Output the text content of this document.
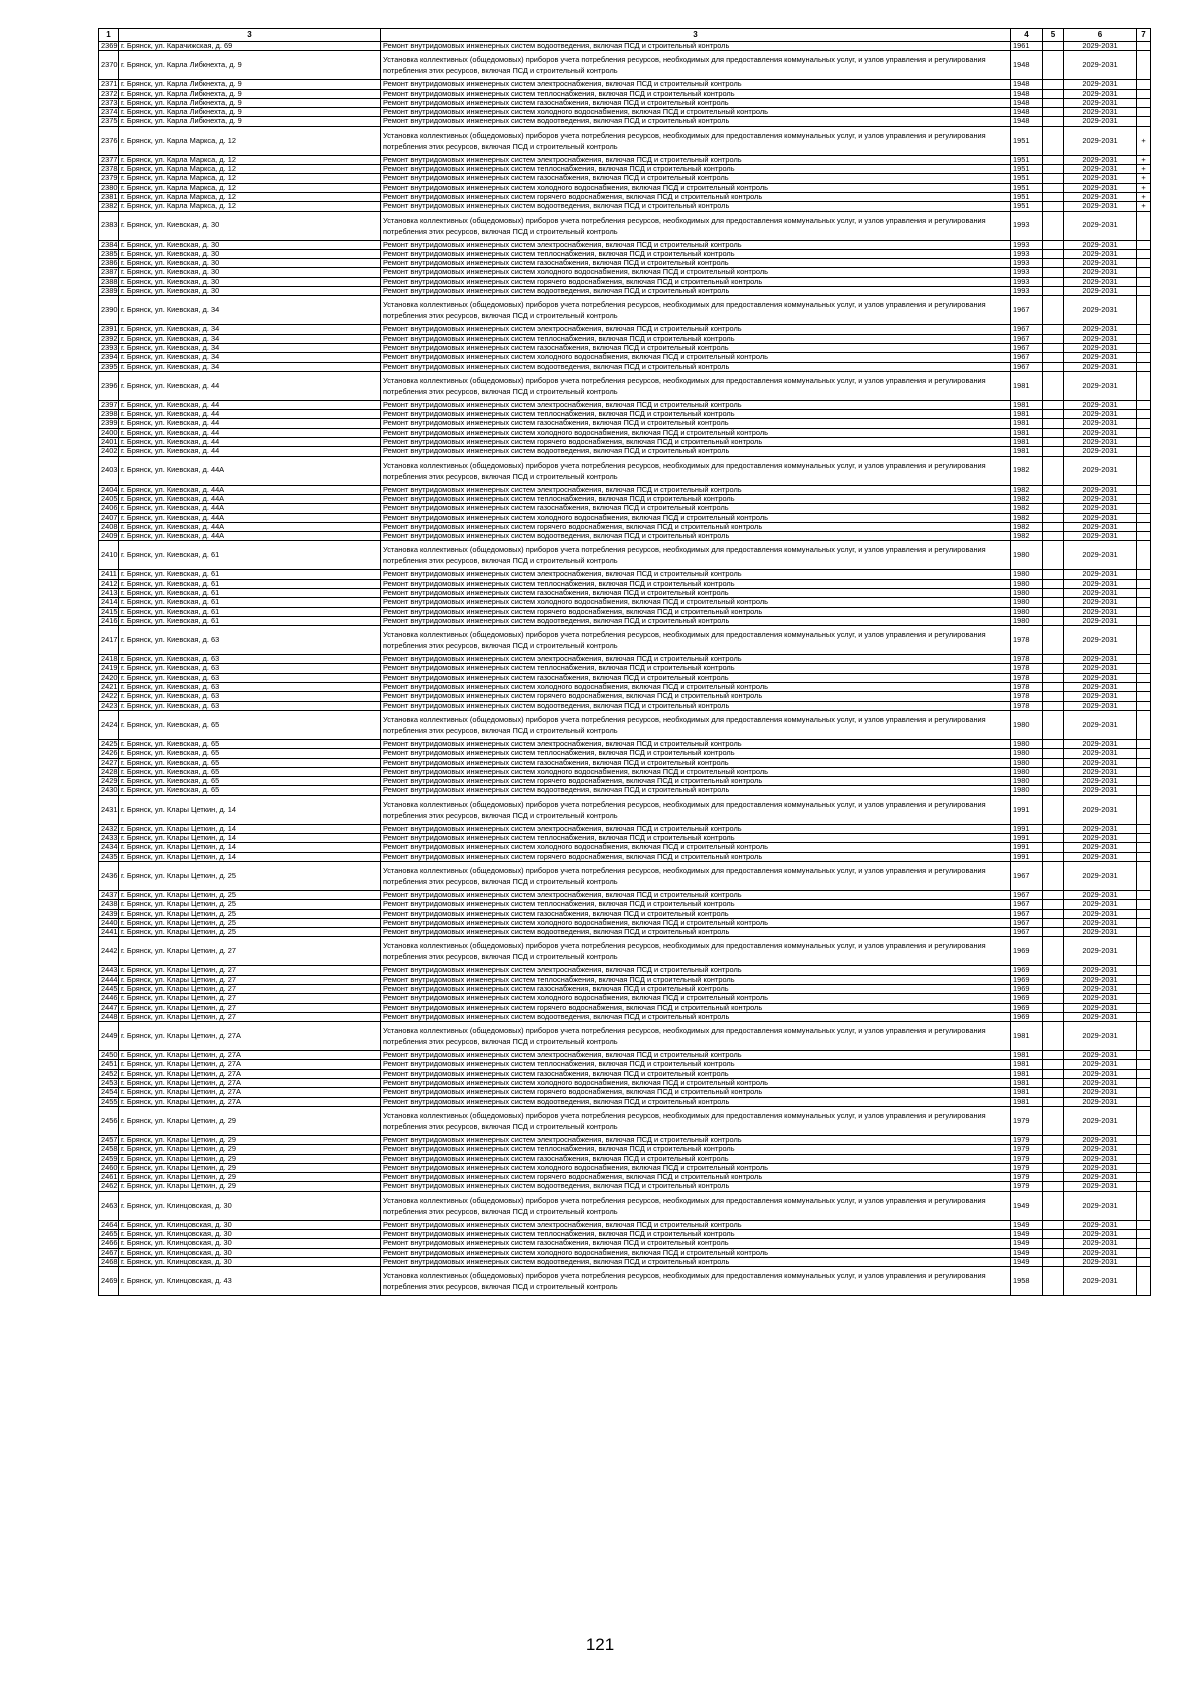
1	3	3	4	5	6	7
2369	г. Брянск, ул. Карачижская, д. 69	Ремонт внутридомовых инженерных систем водоотведения, включая ПСД и строительный контроль	1961		2029-2031	
2370	г. Брянск, ул. Карла Либкнехта, д. 9	Установка коллективных (общедомовых) приборов учета потребления ресурсов, необходимых для предоставления коммунальных услуг, и узлов управления и регулирования потребления этих ресурсов, включая ПСД и строительный контроль	1948		2029-2031	
2371	г. Брянск, ул. Карла Либкнехта, д. 9	Ремонт внутридомовых инженерных систем электроснабжения, включая ПСД и строительный контроль	1948		2029-2031	
2372	г. Брянск, ул. Карла Либкнехта, д. 9	Ремонт внутридомовых инженерных систем теплоснабжения, включая ПСД и строительный контроль	1948		2029-2031	
2373	г. Брянск, ул. Карла Либкнехта, д. 9	Ремонт внутридомовых инженерных систем газоснабжения, включая ПСД и строительный контроль	1948		2029-2031	
2374	г. Брянск, ул. Карла Либкнехта, д. 9	Ремонт внутридомовых инженерных систем холодного водоснабжения, включая ПСД и строительный контроль	1948		2029-2031	
2375	г. Брянск, ул. Карла Либкнехта, д. 9	Ремонт внутридомовых инженерных систем водоотведения, включая ПСД и строительный контроль	1948		2029-2031	
2376	г. Брянск, ул. Карла Маркса, д. 12	Установка коллективных (общедомовых) приборов учета потребления ресурсов, необходимых для предоставления коммунальных услуг, и узлов управления и регулирования потребления этих ресурсов, включая ПСД и строительный контроль	1951		2029-2031	+
2377	г. Брянск, ул. Карла Маркса, д. 12	Ремонт внутридомовых инженерных систем электроснабжения, включая ПСД и строительный контроль	1951		2029-2031	+
2378	г. Брянск, ул. Карла Маркса, д. 12	Ремонт внутридомовых инженерных систем теплоснабжения, включая ПСД и строительный контроль	1951		2029-2031	+
2379	г. Брянск, ул. Карла Маркса, д. 12	Ремонт внутридомовых инженерных систем газоснабжения, включая ПСД и строительный контроль	1951		2029-2031	+
2380	г. Брянск, ул. Карла Маркса, д. 12	Ремонт внутридомовых инженерных систем холодного водоснабжения, включая ПСД и строительный контроль	1951		2029-2031	+
2381	г. Брянск, ул. Карла Маркса, д. 12	Ремонт внутридомовых инженерных систем горячего водоснабжения, включая ПСД и строительный контроль	1951		2029-2031	+
2382	г. Брянск, ул. Карла Маркса, д. 12	Ремонт внутридомовых инженерных систем водоотведения, включая ПСД и строительный контроль	1951		2029-2031	+
2383	г. Брянск, ул. Киевская, д. 30	Установка коллективных (общедомовых) приборов учета потребления ресурсов, необходимых для предоставления коммунальных услуг, и узлов управления и регулирования потребления этих ресурсов, включая ПСД и строительный контроль	1993		2029-2031	
2384	г. Брянск, ул. Киевская, д. 30	Ремонт внутридомовых инженерных систем электроснабжения, включая ПСД и строительный контроль	1993		2029-2031	
2385	г. Брянск, ул. Киевская, д. 30	Ремонт внутридомовых инженерных систем теплоснабжения, включая ПСД и строительный контроль	1993		2029-2031	
2386	г. Брянск, ул. Киевская, д. 30	Ремонт внутридомовых инженерных систем газоснабжения, включая ПСД и строительный контроль	1993		2029-2031	
2387	г. Брянск, ул. Киевская, д. 30	Ремонт внутридомовых инженерных систем холодного водоснабжения, включая ПСД и строительный контроль	1993		2029-2031	
2388	г. Брянск, ул. Киевская, д. 30	Ремонт внутридомовых инженерных систем горячего водоснабжения, включая ПСД и строительный контроль	1993		2029-2031	
2389	г. Брянск, ул. Киевская, д. 30	Ремонт внутридомовых инженерных систем водоотведения, включая ПСД и строительный контроль	1993		2029-2031	
2390	г. Брянск, ул. Киевская, д. 34	Установка коллективных (общедомовых) приборов учета потребления ресурсов, необходимых для предоставления коммунальных услуг, и узлов управления и регулирования потребления этих ресурсов, включая ПСД и строительный контроль	1967		2029-2031	
2391	г. Брянск, ул. Киевская, д. 34	Ремонт внутридомовых инженерных систем электроснабжения, включая ПСД и строительный контроль	1967		2029-2031	
2392	г. Брянск, ул. Киевская, д. 34	Ремонт внутридомовых инженерных систем теплоснабжения, включая ПСД и строительный контроль	1967		2029-2031	
2393	г. Брянск, ул. Киевская, д. 34	Ремонт внутридомовых инженерных систем газоснабжения, включая ПСД и строительный контроль	1967		2029-2031	
2394	г. Брянск, ул. Киевская, д. 34	Ремонт внутридомовых инженерных систем холодного водоснабжения, включая ПСД и строительный контроль	1967		2029-2031	
2395	г. Брянск, ул. Киевская, д. 34	Ремонт внутридомовых инженерных систем водоотведения, включая ПСД и строительный контроль	1967		2029-2031	
2396	г. Брянск, ул. Киевская, д. 44	Установка коллективных (общедомовых) приборов учета потребления ресурсов, необходимых для предоставления коммунальных услуг, и узлов управления и регулирования потребления этих ресурсов, включая ПСД и строительный контроль	1981		2029-2031	
2397	г. Брянск, ул. Киевская, д. 44	Ремонт внутридомовых инженерных систем электроснабжения, включая ПСД и строительный контроль	1981		2029-2031	
2398	г. Брянск, ул. Киевская, д. 44	Ремонт внутридомовых инженерных систем теплоснабжения, включая ПСД и строительный контроль	1981		2029-2031	
2399	г. Брянск, ул. Киевская, д. 44	Ремонт внутридомовых инженерных систем газоснабжения, включая ПСД и строительный контроль	1981		2029-2031	
2400	г. Брянск, ул. Киевская, д. 44	Ремонт внутридомовых инженерных систем холодного водоснабжения, включая ПСД и строительный контроль	1981		2029-2031	
2401	г. Брянск, ул. Киевская, д. 44	Ремонт внутридомовых инженерных систем горячего водоснабжения, включая ПСД и строительный контроль	1981		2029-2031	
2402	г. Брянск, ул. Киевская, д. 44	Ремонт внутридомовых инженерных систем водоотведения, включая ПСД и строительный контроль	1981		2029-2031	
2403	г. Брянск, ул. Киевская, д. 44А	Установка коллективных (общедомовых) приборов учета потребления ресурсов, необходимых для предоставления коммунальных услуг, и узлов управления и регулирования потребления этих ресурсов, включая ПСД и строительный контроль	1982		2029-2031	
2404	г. Брянск, ул. Киевская, д. 44А	Ремонт внутридомовых инженерных систем электроснабжения, включая ПСД и строительный контроль	1982		2029-2031	
2405	г. Брянск, ул. Киевская, д. 44А	Ремонт внутридомовых инженерных систем теплоснабжения, включая ПСД и строительный контроль	1982		2029-2031	
2406	г. Брянск, ул. Киевская, д. 44А	Ремонт внутридомовых инженерных систем газоснабжения, включая ПСД и строительный контроль	1982		2029-2031	
2407	г. Брянск, ул. Киевская, д. 44А	Ремонт внутридомовых инженерных систем холодного водоснабжения, включая ПСД и строительный контроль	1982		2029-2031	
2408	г. Брянск, ул. Киевская, д. 44А	Ремонт внутридомовых инженерных систем горячего водоснабжения, включая ПСД и строительный контроль	1982		2029-2031	
2409	г. Брянск, ул. Киевская, д. 44А	Ремонт внутридомовых инженерных систем водоотведения, включая ПСД и строительный контроль	1982		2029-2031	
2410	г. Брянск, ул. Киевская, д. 61	Установка коллективных (общедомовых) приборов учета потребления ресурсов, необходимых для предоставления коммунальных услуг, и узлов управления и регулирования потребления этих ресурсов, включая ПСД и строительный контроль	1980		2029-2031	
2411	г. Брянск, ул. Киевская, д. 61	Ремонт внутридомовых инженерных систем электроснабжения, включая ПСД и строительный контроль	1980		2029-2031	
2412	г. Брянск, ул. Киевская, д. 61	Ремонт внутридомовых инженерных систем теплоснабжения, включая ПСД и строительный контроль	1980		2029-2031	
2413	г. Брянск, ул. Киевская, д. 61	Ремонт внутридомовых инженерных систем газоснабжения, включая ПСД и строительный контроль	1980		2029-2031	
2414	г. Брянск, ул. Киевская, д. 61	Ремонт внутридомовых инженерных систем холодного водоснабжения, включая ПСД и строительный контроль	1980		2029-2031	
2415	г. Брянск, ул. Киевская, д. 61	Ремонт внутридомовых инженерных систем горячего водоснабжения, включая ПСД и строительный контроль	1980		2029-2031	
2416	г. Брянск, ул. Киевская, д. 61	Ремонт внутридомовых инженерных систем водоотведения, включая ПСД и строительный контроль	1980		2029-2031	
2417	г. Брянск, ул. Киевская, д. 63	Установка коллективных (общедомовых) приборов учета потребления ресурсов, необходимых для предоставления коммунальных услуг, и узлов управления и регулирования потребления этих ресурсов, включая ПСД и строительный контроль	1978		2029-2031	
2418	г. Брянск, ул. Киевская, д. 63	Ремонт внутридомовых инженерных систем электроснабжения, включая ПСД и строительный контроль	1978		2029-2031	
2419	г. Брянск, ул. Киевская, д. 63	Ремонт внутридомовых инженерных систем теплоснабжения, включая ПСД и строительный контроль	1978		2029-2031	
2420	г. Брянск, ул. Киевская, д. 63	Ремонт внутридомовых инженерных систем газоснабжения, включая ПСД и строительный контроль	1978		2029-2031	
2421	г. Брянск, ул. Киевская, д. 63	Ремонт внутридомовых инженерных систем холодного водоснабжения, включая ПСД и строительный контроль	1978		2029-2031	
2422	г. Брянск, ул. Киевская, д. 63	Ремонт внутридомовых инженерных систем горячего водоснабжения, включая ПСД и строительный контроль	1978		2029-2031	
2423	г. Брянск, ул. Киевская, д. 63	Ремонт внутридомовых инженерных систем водоотведения, включая ПСД и строительный контроль	1978		2029-2031	
2424	г. Брянск, ул. Киевская, д. 65	Установка коллективных (общедомовых) приборов учета потребления ресурсов, необходимых для предоставления коммунальных услуг, и узлов управления и регулирования потребления этих ресурсов, включая ПСД и строительный контроль	1980		2029-2031	
2425	г. Брянск, ул. Киевская, д. 65	Ремонт внутридомовых инженерных систем электроснабжения, включая ПСД и строительный контроль	1980		2029-2031	
2426	г. Брянск, ул. Киевская, д. 65	Ремонт внутридомовых инженерных систем теплоснабжения, включая ПСД и строительный контроль	1980		2029-2031	
2427	г. Брянск, ул. Киевская, д. 65	Ремонт внутридомовых инженерных систем газоснабжения, включая ПСД и строительный контроль	1980		2029-2031	
2428	г. Брянск, ул. Киевская, д. 65	Ремонт внутридомовых инженерных систем холодного водоснабжения, включая ПСД и строительный контроль	1980		2029-2031	
2429	г. Брянск, ул. Киевская, д. 65	Ремонт внутридомовых инженерных систем горячего водоснабжения, включая ПСД и строительный контроль	1980		2029-2031	
2430	г. Брянск, ул. Киевская, д. 65	Ремонт внутридомовых инженерных систем водоотведения, включая ПСД и строительный контроль	1980		2029-2031	
2431	г. Брянск, ул. Клары Цеткин, д. 14	Установка коллективных (общедомовых) приборов учета потребления ресурсов, необходимых для предоставления коммунальных услуг, и узлов управления и регулирования потребления этих ресурсов, включая ПСД и строительный контроль	1991		2029-2031	
2432	г. Брянск, ул. Клары Цеткин, д. 14	Ремонт внутридомовых инженерных систем электроснабжения, включая ПСД и строительный контроль	1991		2029-2031	
2433	г. Брянск, ул. Клары Цеткин, д. 14	Ремонт внутридомовых инженерных систем теплоснабжения, включая ПСД и строительный контроль	1991		2029-2031	
2434	г. Брянск, ул. Клары Цеткин, д. 14	Ремонт внутридомовых инженерных систем холодного водоснабжения, включая ПСД и строительный контроль	1991		2029-2031	
2435	г. Брянск, ул. Клары Цеткин, д. 14	Ремонт внутридомовых инженерных систем горячего водоснабжения, включая ПСД и строительный контроль	1991		2029-2031	
2436	г. Брянск, ул. Клары Цеткин, д. 25	Установка коллективных (общедомовых) приборов учета потребления ресурсов, необходимых для предоставления коммунальных услуг, и узлов управления и регулирования потребления этих ресурсов, включая ПСД и строительный контроль	1967		2029-2031	
2437	г. Брянск, ул. Клары Цеткин, д. 25	Ремонт внутридомовых инженерных систем электроснабжения, включая ПСД и строительный контроль	1967		2029-2031	
2438	г. Брянск, ул. Клары Цеткин, д. 25	Ремонт внутридомовых инженерных систем теплоснабжения, включая ПСД и строительный контроль	1967		2029-2031	
2439	г. Брянск, ул. Клары Цеткин, д. 25	Ремонт внутридомовых инженерных систем газоснабжения, включая ПСД и строительный контроль	1967		2029-2031	
2440	г. Брянск, ул. Клары Цеткин, д. 25	Ремонт внутридомовых инженерных систем холодного водоснабжения, включая ПСД и строительный контроль	1967		2029-2031	
2441	г. Брянск, ул. Клары Цеткин, д. 25	Ремонт внутридомовых инженерных систем водоотведения, включая ПСД и строительный контроль	1967		2029-2031	
2442	г. Брянск, ул. Клары Цеткин, д. 27	Установка коллективных (общедомовых) приборов учета потребления ресурсов, необходимых для предоставления коммунальных услуг, и узлов управления и регулирования потребления этих ресурсов, включая ПСД и строительный контроль	1969		2029-2031	
2443	г. Брянск, ул. Клары Цеткин, д. 27	Ремонт внутридомовых инженерных систем электроснабжения, включая ПСД и строительный контроль	1969		2029-2031	
2444	г. Брянск, ул. Клары Цеткин, д. 27	Ремонт внутридомовых инженерных систем теплоснабжения, включая ПСД и строительный контроль	1969		2029-2031	
2445	г. Брянск, ул. Клары Цеткин, д. 27	Ремонт внутридомовых инженерных систем газоснабжения, включая ПСД и строительный контроль	1969		2029-2031	
2446	г. Брянск, ул. Клары Цеткин, д. 27	Ремонт внутридомовых инженерных систем холодного водоснабжения, включая ПСД и строительный контроль	1969		2029-2031	
2447	г. Брянск, ул. Клары Цеткин, д. 27	Ремонт внутридомовых инженерных систем горячего водоснабжения, включая ПСД и строительный контроль	1969		2029-2031	
2448	г. Брянск, ул. Клары Цеткин, д. 27	Ремонт внутридомовых инженерных систем водоотведения, включая ПСД и строительный контроль	1969		2029-2031	
2449	г. Брянск, ул. Клары Цеткин, д. 27А	Установка коллективных (общедомовых) приборов учета потребления ресурсов, необходимых для предоставления коммунальных услуг, и узлов управления и регулирования потребления этих ресурсов, включая ПСД и строительный контроль	1981		2029-2031	
2450	г. Брянск, ул. Клары Цеткин, д. 27А	Ремонт внутридомовых инженерных систем электроснабжения, включая ПСД и строительный контроль	1981		2029-2031	
2451	г. Брянск, ул. Клары Цеткин, д. 27А	Ремонт внутридомовых инженерных систем теплоснабжения, включая ПСД и строительный контроль	1981		2029-2031	
2452	г. Брянск, ул. Клары Цеткин, д. 27А	Ремонт внутридомовых инженерных систем газоснабжения, включая ПСД и строительный контроль	1981		2029-2031	
2453	г. Брянск, ул. Клары Цеткин, д. 27А	Ремонт внутридомовых инженерных систем холодного водоснабжения, включая ПСД и строительный контроль	1981		2029-2031	
2454	г. Брянск, ул. Клары Цеткин, д. 27А	Ремонт внутридомовых инженерных систем горячего водоснабжения, включая ПСД и строительный контроль	1981		2029-2031	
2455	г. Брянск, ул. Клары Цеткин, д. 27А	Ремонт внутридомовых инженерных систем водоотведения, включая ПСД и строительный контроль	1981		2029-2031	
2456	г. Брянск, ул. Клары Цеткин, д. 29	Установка коллективных (общедомовых) приборов учета потребления ресурсов, необходимых для предоставления коммунальных услуг, и узлов управления и регулирования потребления этих ресурсов, включая ПСД и строительный контроль	1979		2029-2031	
2457	г. Брянск, ул. Клары Цеткин, д. 29	Ремонт внутридомовых инженерных систем электроснабжения, включая ПСД и строительный контроль	1979		2029-2031	
2458	г. Брянск, ул. Клары Цеткин, д. 29	Ремонт внутридомовых инженерных систем теплоснабжения, включая ПСД и строительный контроль	1979		2029-2031	
2459	г. Брянск, ул. Клары Цеткин, д. 29	Ремонт внутридомовых инженерных систем газоснабжения, включая ПСД и строительный контроль	1979		2029-2031	
2460	г. Брянск, ул. Клары Цеткин, д. 29	Ремонт внутридомовых инженерных систем холодного водоснабжения, включая ПСД и строительный контроль	1979		2029-2031	
2461	г. Брянск, ул. Клары Цеткин, д. 29	Ремонт внутридомовых инженерных систем горячего водоснабжения, включая ПСД и строительный контроль	1979		2029-2031	
2462	г. Брянск, ул. Клары Цеткин, д. 29	Ремонт внутридомовых инженерных систем водоотведения, включая ПСД и строительный контроль	1979		2029-2031	
2463	г. Брянск, ул. Клинцовская, д. 30	Установка коллективных (общедомовых) приборов учета потребления ресурсов, необходимых для предоставления коммунальных услуг, и узлов управления и регулирования потребления этих ресурсов, включая ПСД и строительный контроль	1949		2029-2031	
2464	г. Брянск, ул. Клинцовская, д. 30	Ремонт внутридомовых инженерных систем электроснабжения, включая ПСД и строительный контроль	1949		2029-2031	
2465	г. Брянск, ул. Клинцовская, д. 30	Ремонт внутридомовых инженерных систем теплоснабжения, включая ПСД и строительный контроль	1949		2029-2031	
2466	г. Брянск, ул. Клинцовская, д. 30	Ремонт внутридомовых инженерных систем газоснабжения, включая ПСД и строительный контроль	1949		2029-2031	
2467	г. Брянск, ул. Клинцовская, д. 30	Ремонт внутридомовых инженерных систем холодного водоснабжения, включая ПСД и строительный контроль	1949		2029-2031	
2468	г. Брянск, ул. Клинцовская, д. 30	Ремонт внутридомовых инженерных систем водоотведения, включая ПСД и строительный контроль	1949		2029-2031	
2469	г. Брянск, ул. Клинцовская, д. 43	Установка коллективных (общедомовых) приборов учета потребления ресурсов, необходимых для предоставления коммунальных услуг, и узлов управления и регулирования потребления этих ресурсов, включая ПСД и строительный контроль	1958		2029-2031	
121
